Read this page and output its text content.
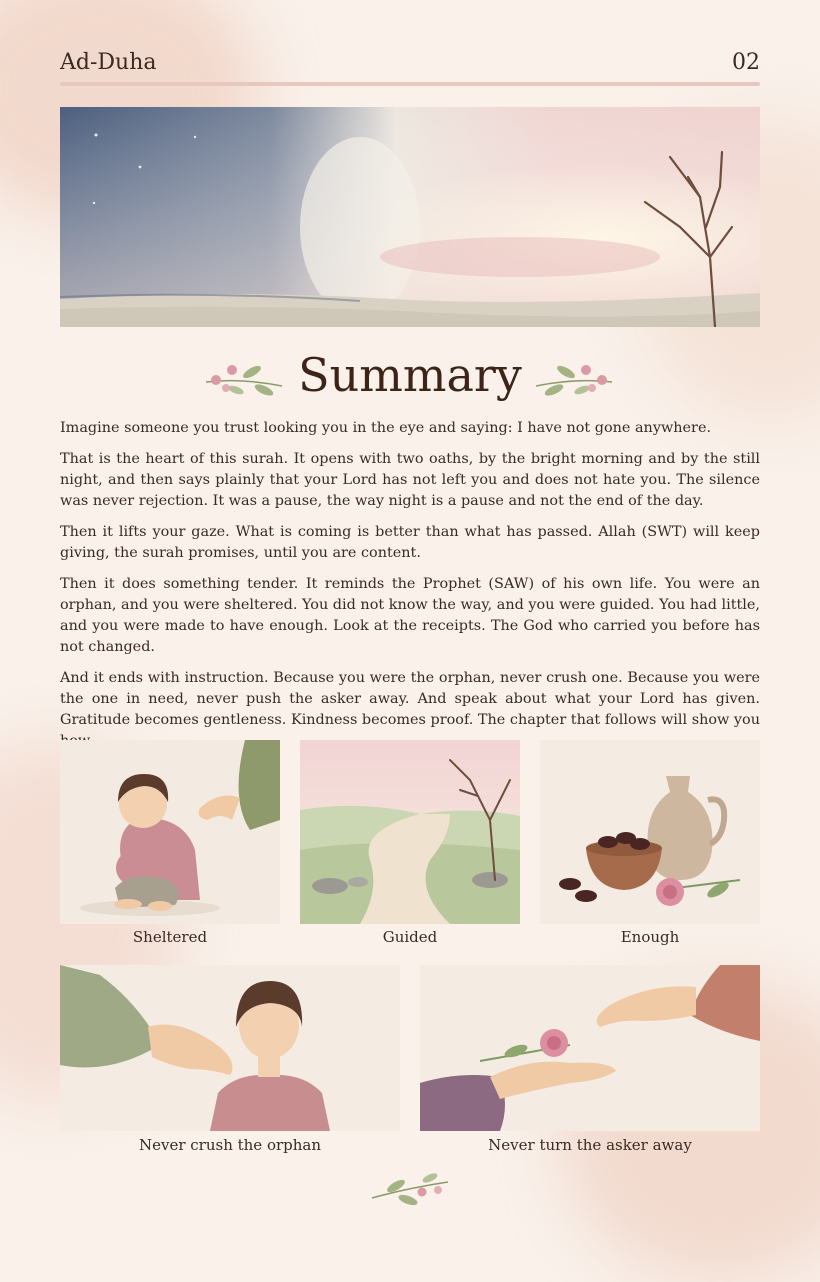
Ad-Duha	02
Summary

Imagine someone you trust looking you in the eye and saying: I have not gone anywhere.

That is the heart of this surah. It opens with two oaths, by the bright morning and by the still night, and then says plainly that your Lord has not left you and does not hate you. The silence was never rejection. It was a pause, the way night is a pause and not the end of the day.

Then it lifts your gaze. What is coming is better than what has passed. Allah (SWT) will keep giving, the surah promises, until you are content.

Then it does something tender. It reminds the Prophet (SAW) of his own life. You were an orphan, and you were sheltered. You did not know the way, and you were guided. You had little, and you were made to have enough. Look at the receipts. The God who carried you before has not changed.

And it ends with instruction. Because you were the orphan, never crush one. Because you were the one in need, never push the asker away. And speak about what your Lord has given. Gratitude becomes gentleness. Kindness becomes proof. The chapter that follows will show you

Sheltered	Guided	Enough
Never crush the orphan	Never turn the asker away
